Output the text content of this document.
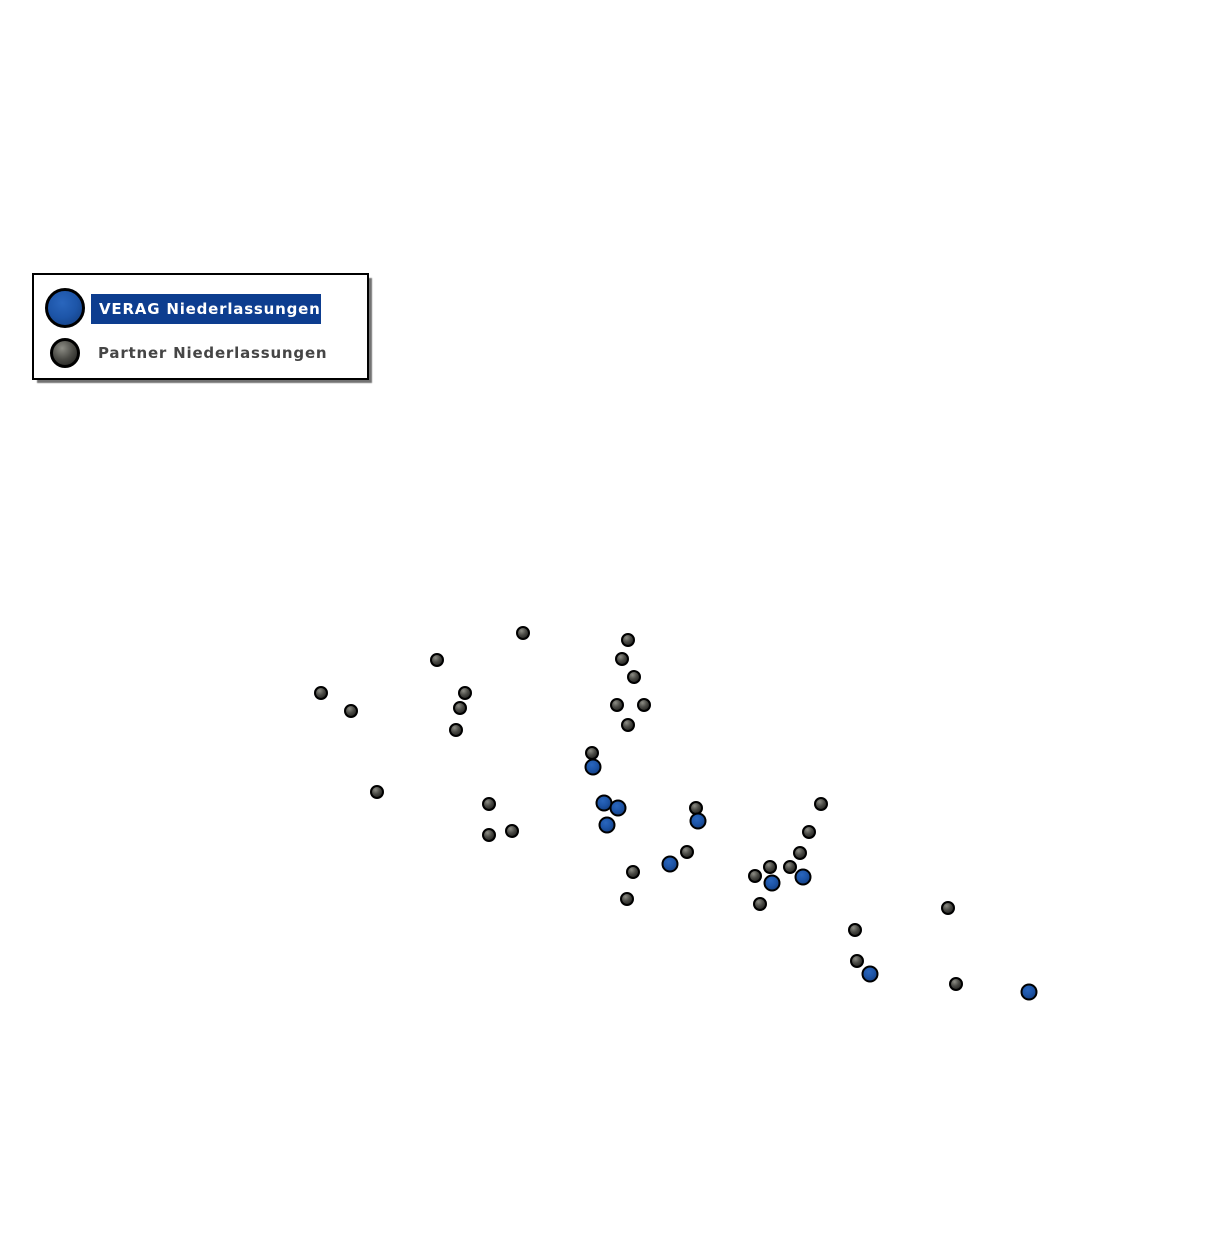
VERAG Niederlassungen
Partner Niederlassungen
